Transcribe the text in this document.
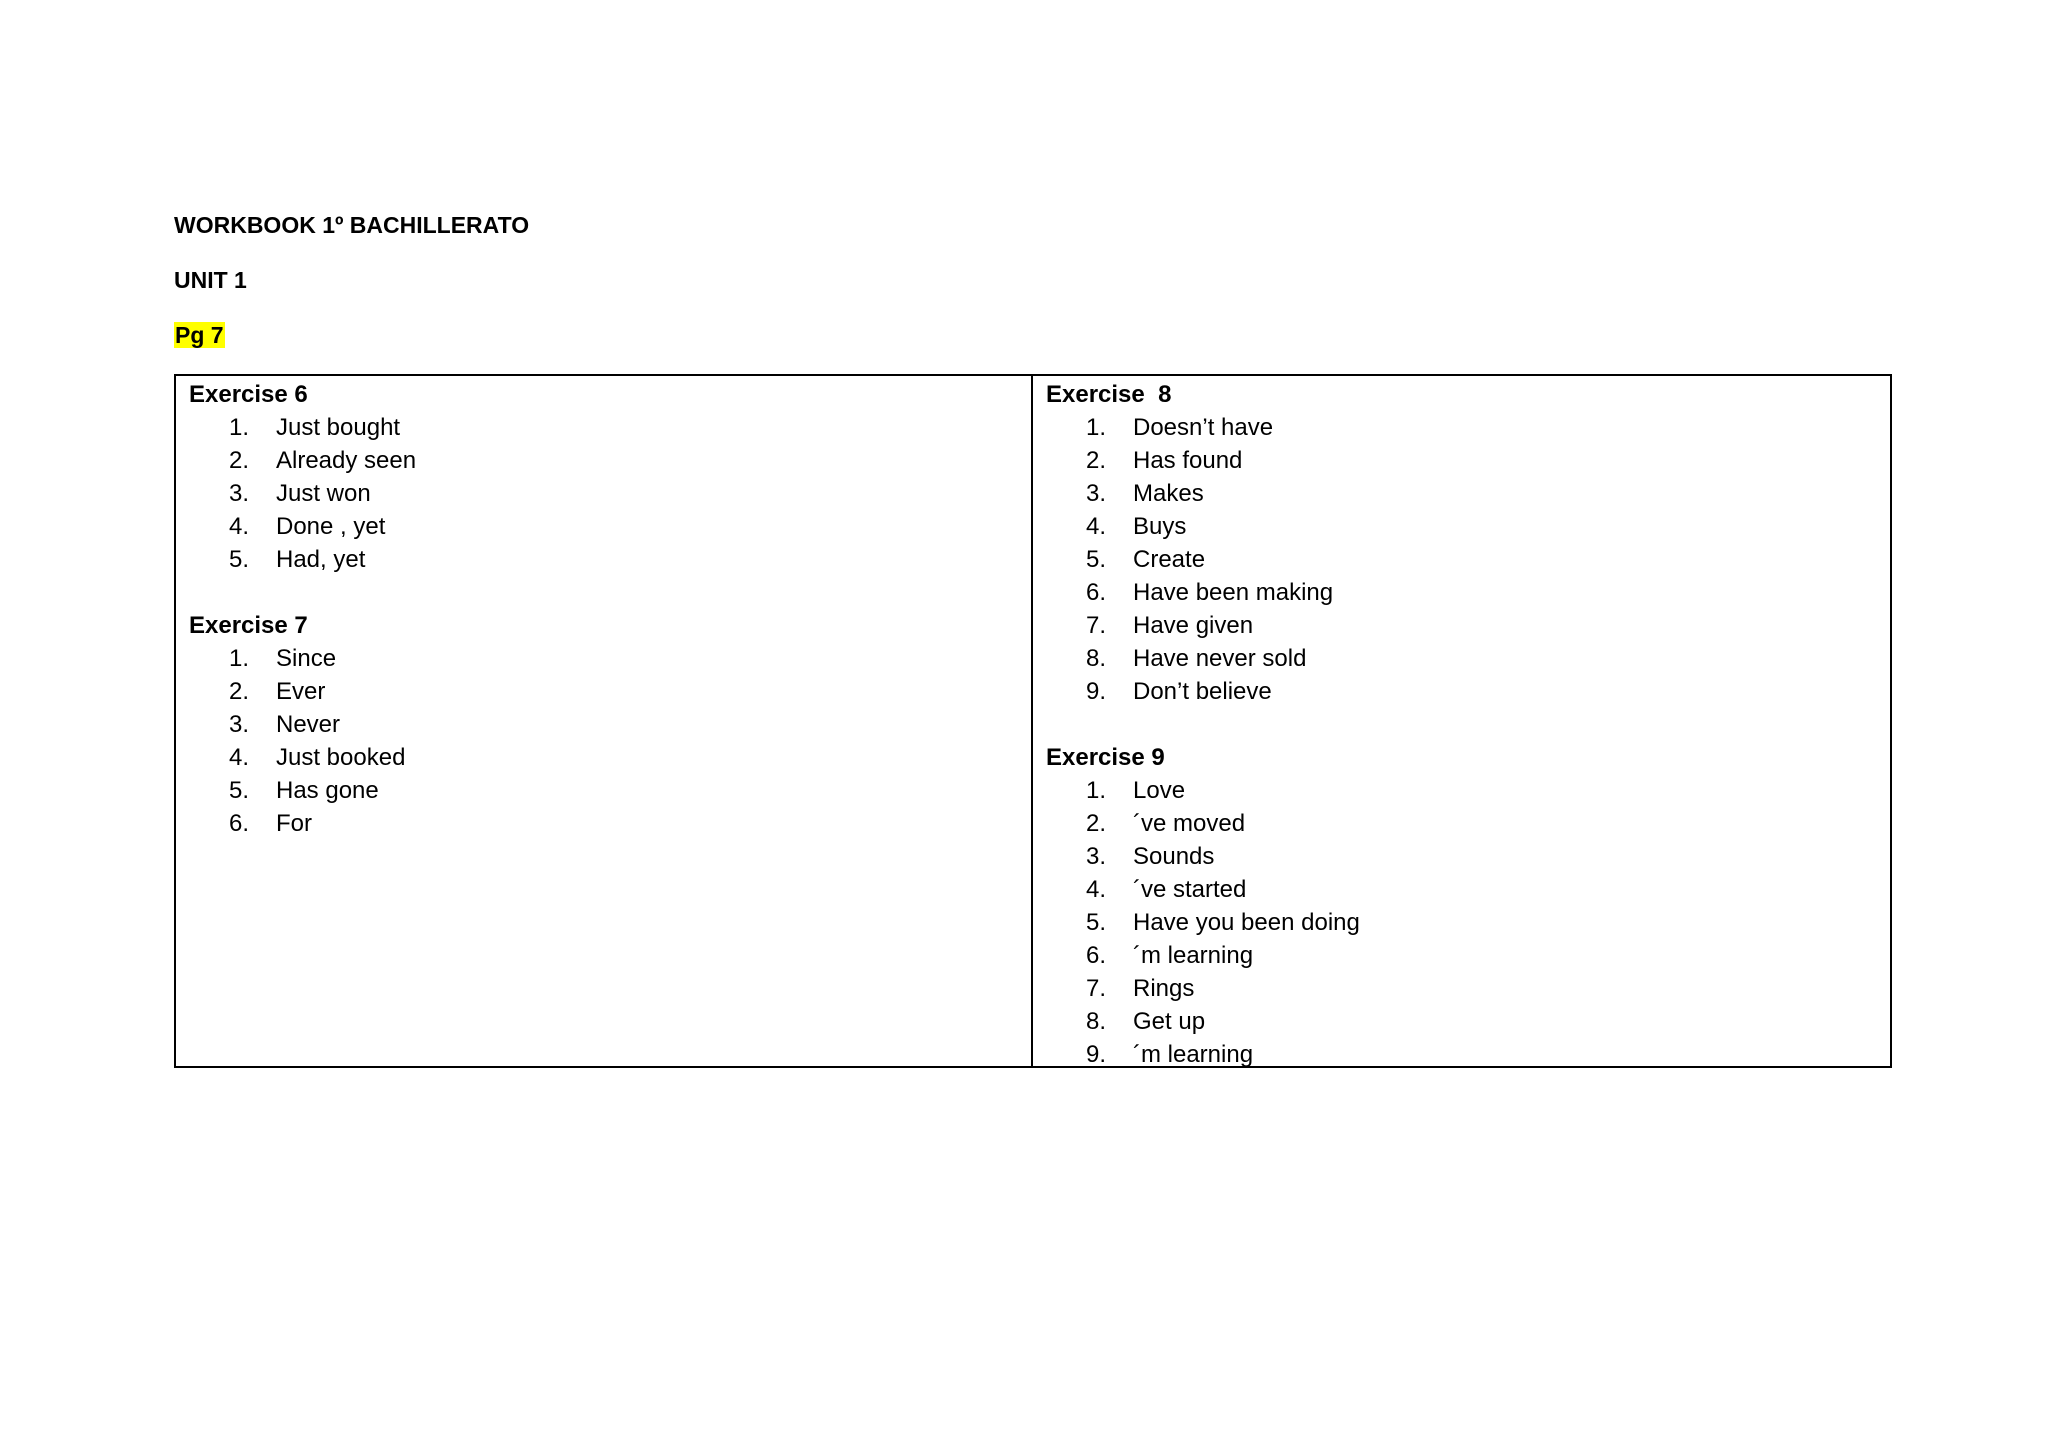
WORKBOOK 1º BACHILLERATO
UNIT 1
Pg 7
Exercise 6
1.	Just bought
2.	Already seen
3.	Just won
4.	Done , yet
5.	Had, yet
Exercise 7
1.	Since
2.	Ever
3.	Never
4.	Just booked
5.	Has gone
6.	For
Exercise  8
1.	Doesn’t have
2.	Has found
3.	Makes
4.	Buys
5.	Create
6.	Have been making
7.	Have given
8.	Have never sold
9.	Don’t believe
Exercise 9
1.	Love
2.	´ve moved
3.	Sounds
4.	´ve started
5.	Have you been doing
6.	´m learning
7.	Rings
8.	Get up
9.	´m learning
